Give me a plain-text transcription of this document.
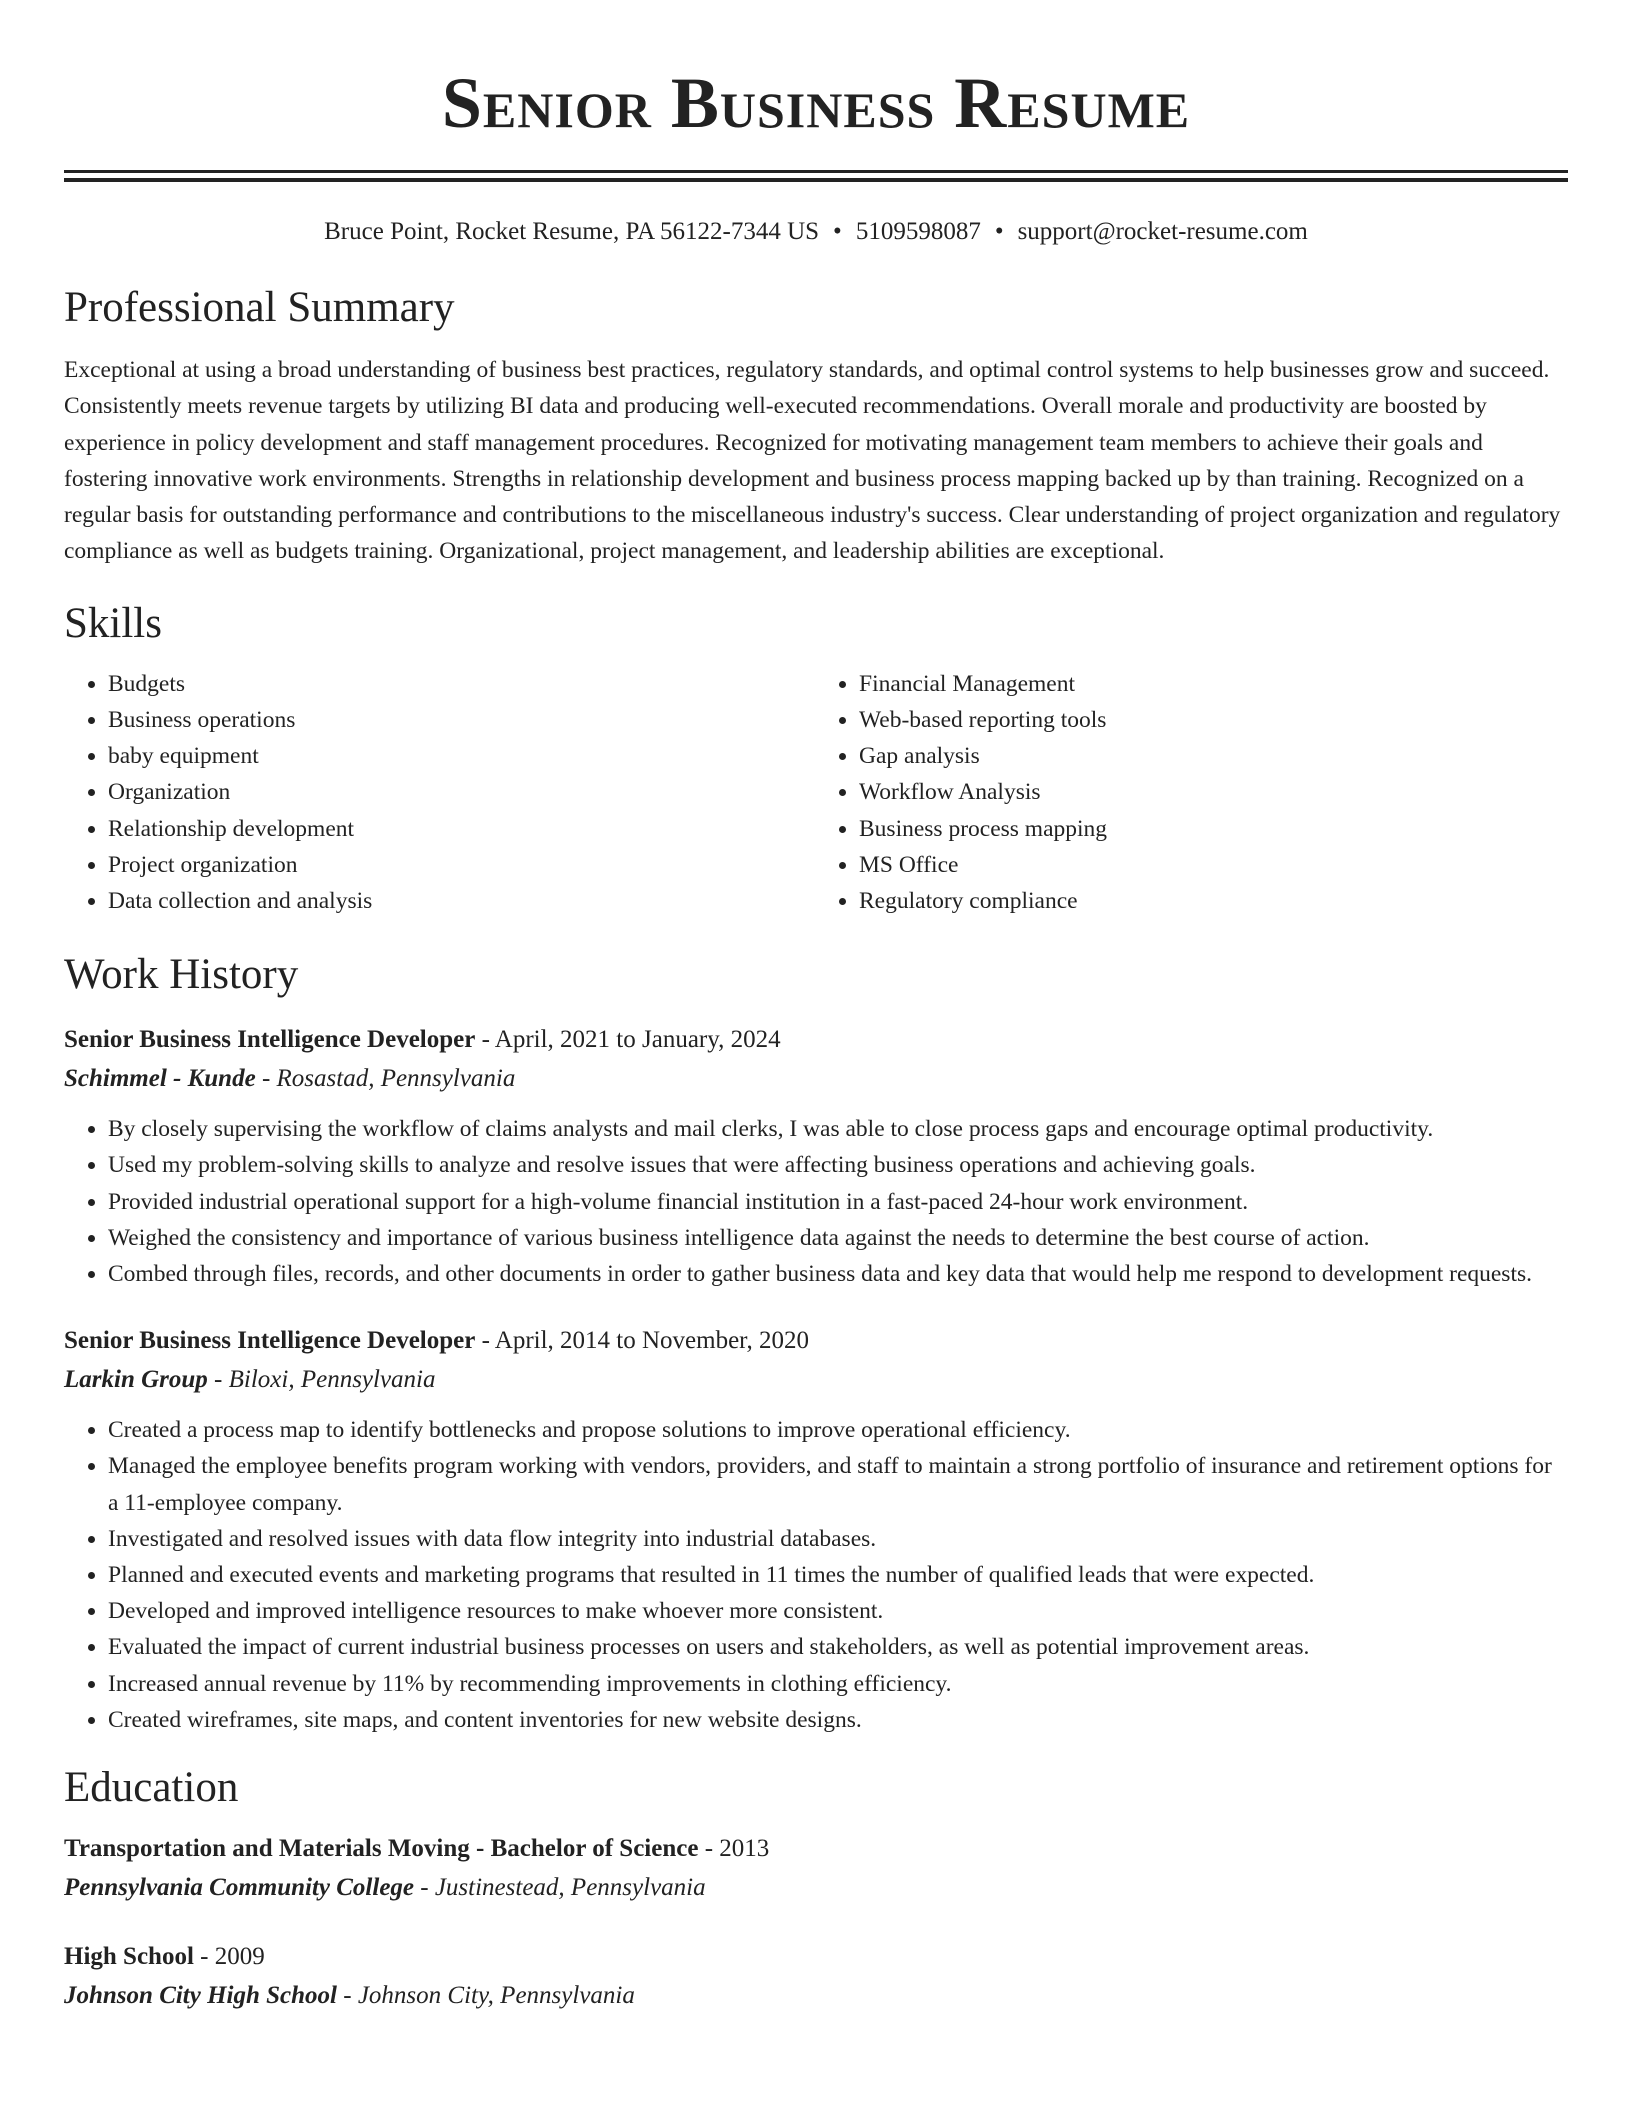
Senior Business Resume
Bruce Point, Rocket Resume, PA 56122-7344 US • 5109598087 • support@rocket-resume.com
Professional Summary

Exceptional at using a broad understanding of business best practices, regulatory standards, and optimal control systems to help businesses grow and succeed. Consistently meets revenue targets by utilizing BI data and producing well-executed recommendations. Overall morale and productivity are boosted by experience in policy development and staff management procedures. Recognized for motivating management team members to achieve their goals and fostering innovative work environments. Strengths in relationship development and business process mapping backed up by than training. Recognized on a regular basis for outstanding performance and contributions to the miscellaneous industry's success. Clear understanding of project organization and regulatory compliance as well as budgets training. Organizational, project management, and leadership abilities are exceptional.

Skills
• Budgets
• Business operations
• baby equipment
• Organization
• Relationship development
• Project organization
• Data collection and analysis
• Financial Management
• Web-based reporting tools
• Gap analysis
• Workflow Analysis
• Business process mapping
• MS Office
• Regulatory compliance
Work History
Senior Business Intelligence Developer - April, 2021 to January, 2024
Schimmel - Kunde - Rosastad, Pennsylvania
• By closely supervising the workflow of claims analysts and mail clerks, I was able to close process gaps and encourage optimal productivity.
• Used my problem-solving skills to analyze and resolve issues that were affecting business operations and achieving goals.
• Provided industrial operational support for a high-volume financial institution in a fast-paced 24-hour work environment.
• Weighed the consistency and importance of various business intelligence data against the needs to determine the best course of action.
• Combed through files, records, and other documents in order to gather business data and key data that would help me respond to development requests.
Senior Business Intelligence Developer - April, 2014 to November, 2020
Larkin Group - Biloxi, Pennsylvania
• Created a process map to identify bottlenecks and propose solutions to improve operational efficiency.
• Managed the employee benefits program working with vendors, providers, and staff to maintain a strong portfolio of insurance and retirement options for a 11-employee company.
• Investigated and resolved issues with data flow integrity into industrial databases.
• Planned and executed events and marketing programs that resulted in 11 times the number of qualified leads that were expected.
• Developed and improved intelligence resources to make whoever more consistent.
• Evaluated the impact of current industrial business processes on users and stakeholders, as well as potential improvement areas.
• Increased annual revenue by 11% by recommending improvements in clothing efficiency.
• Created wireframes, site maps, and content inventories for new website designs.
Education
Transportation and Materials Moving - Bachelor of Science - 2013
Pennsylvania Community College - Justinestead, Pennsylvania
High School - 2009
Johnson City High School - Johnson City, Pennsylvania
